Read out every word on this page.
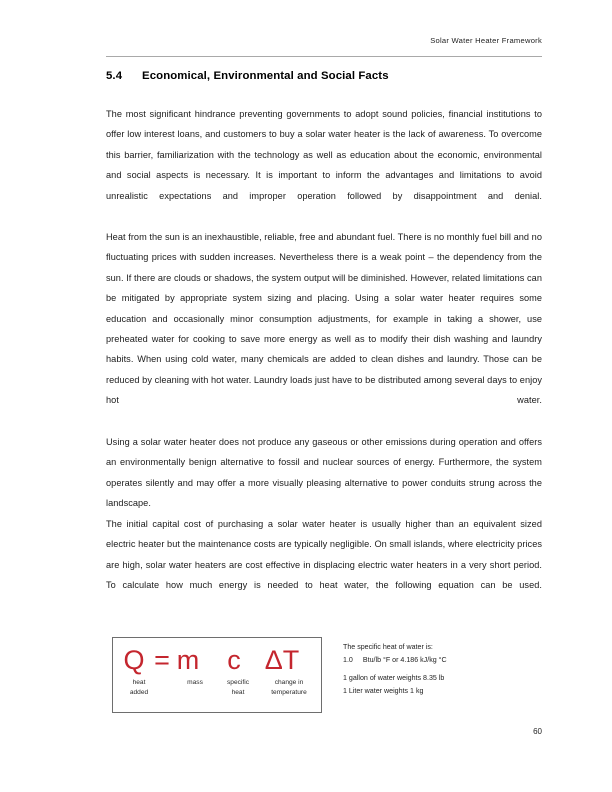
Solar Water Heater Framework
5.4 Economical, Environmental and Social Facts

The most significant hindrance preventing governments to adopt sound policies, financial institutions to offer low interest loans, and customers to buy a solar water heater is the lack of awareness. To overcome this barrier, familiarization with the technology as well as education about the economic, environmental and social aspects is necessary. It is important to inform the advantages and limitations to avoid unrealistic expectations and improper operation followed by disappointment and denial.

Heat from the sun is an inexhaustible, reliable, free and abundant fuel. There is no monthly fuel bill and no fluctuating prices with sudden increases. Nevertheless there is a weak point – the dependency from the sun. If there are clouds or shadows, the system output will be diminished. However, related limitations can be mitigated by appropriate system sizing and placing. Using a solar water heater requires some education and occasionally minor consumption adjustments, for example in taking a shower, use preheated water for cooking to save more energy as well as to modify their dish washing and laundry habits. When using cold water, many chemicals are added to clean dishes and laundry. Those can be reduced by cleaning with hot water. Laundry loads just have to be distributed among several days to enjoy hot water.

Using a solar water heater does not produce any gaseous or other emissions during operation and offers an environmentally benign alternative to fossil and nuclear sources of energy. Furthermore, the system operates silently and may offer a more visually pleasing alternative to power conduits strung across the landscape.

The initial capital cost of purchasing a solar water heater is usually higher than an equivalent sized electric heater but the maintenance costs are typically negligible. On small islands, where electricity prices are high, solar water heaters are cost effective in displacing electric water heaters in a very short period. To calculate how much energy is needed to heat water, the following equation can be used.

Q = m c ΔT
heat
added
mass	specific
heat
change in
temperature

The specific heat of water is:

1.0 Btu/lb °F or 4.186 kJ/kg °C

1 gallon of water weights 8.35 lb

1 Liter water weights 1 kg

60
